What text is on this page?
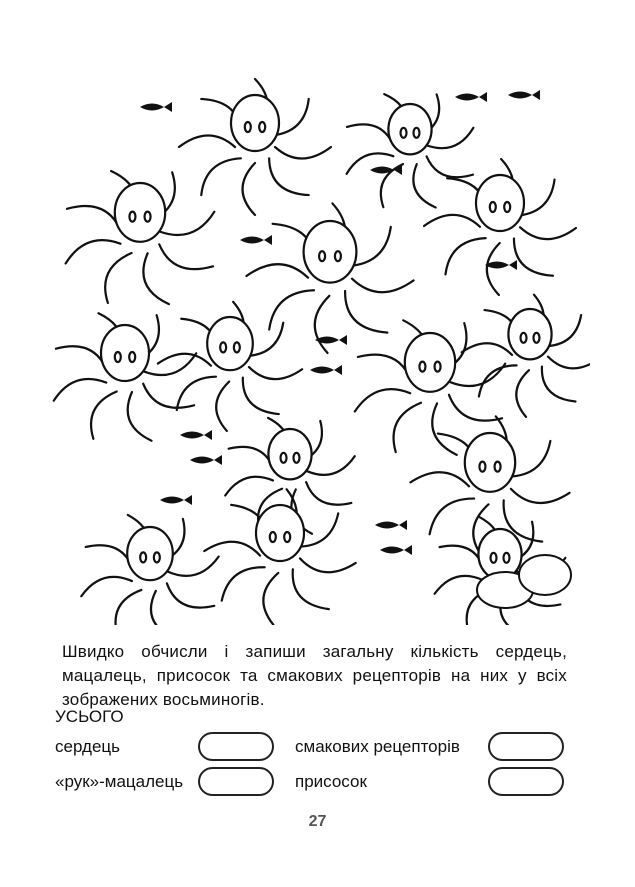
Швидко обчисли і запиши загальну кількість сердець, мацалець, присосок та смакових рецепторів на них у всіх зображених восьминогів.
УСЬОГО
сердець	смакових рецепторів
«рук»-мацалець	присосок
27
